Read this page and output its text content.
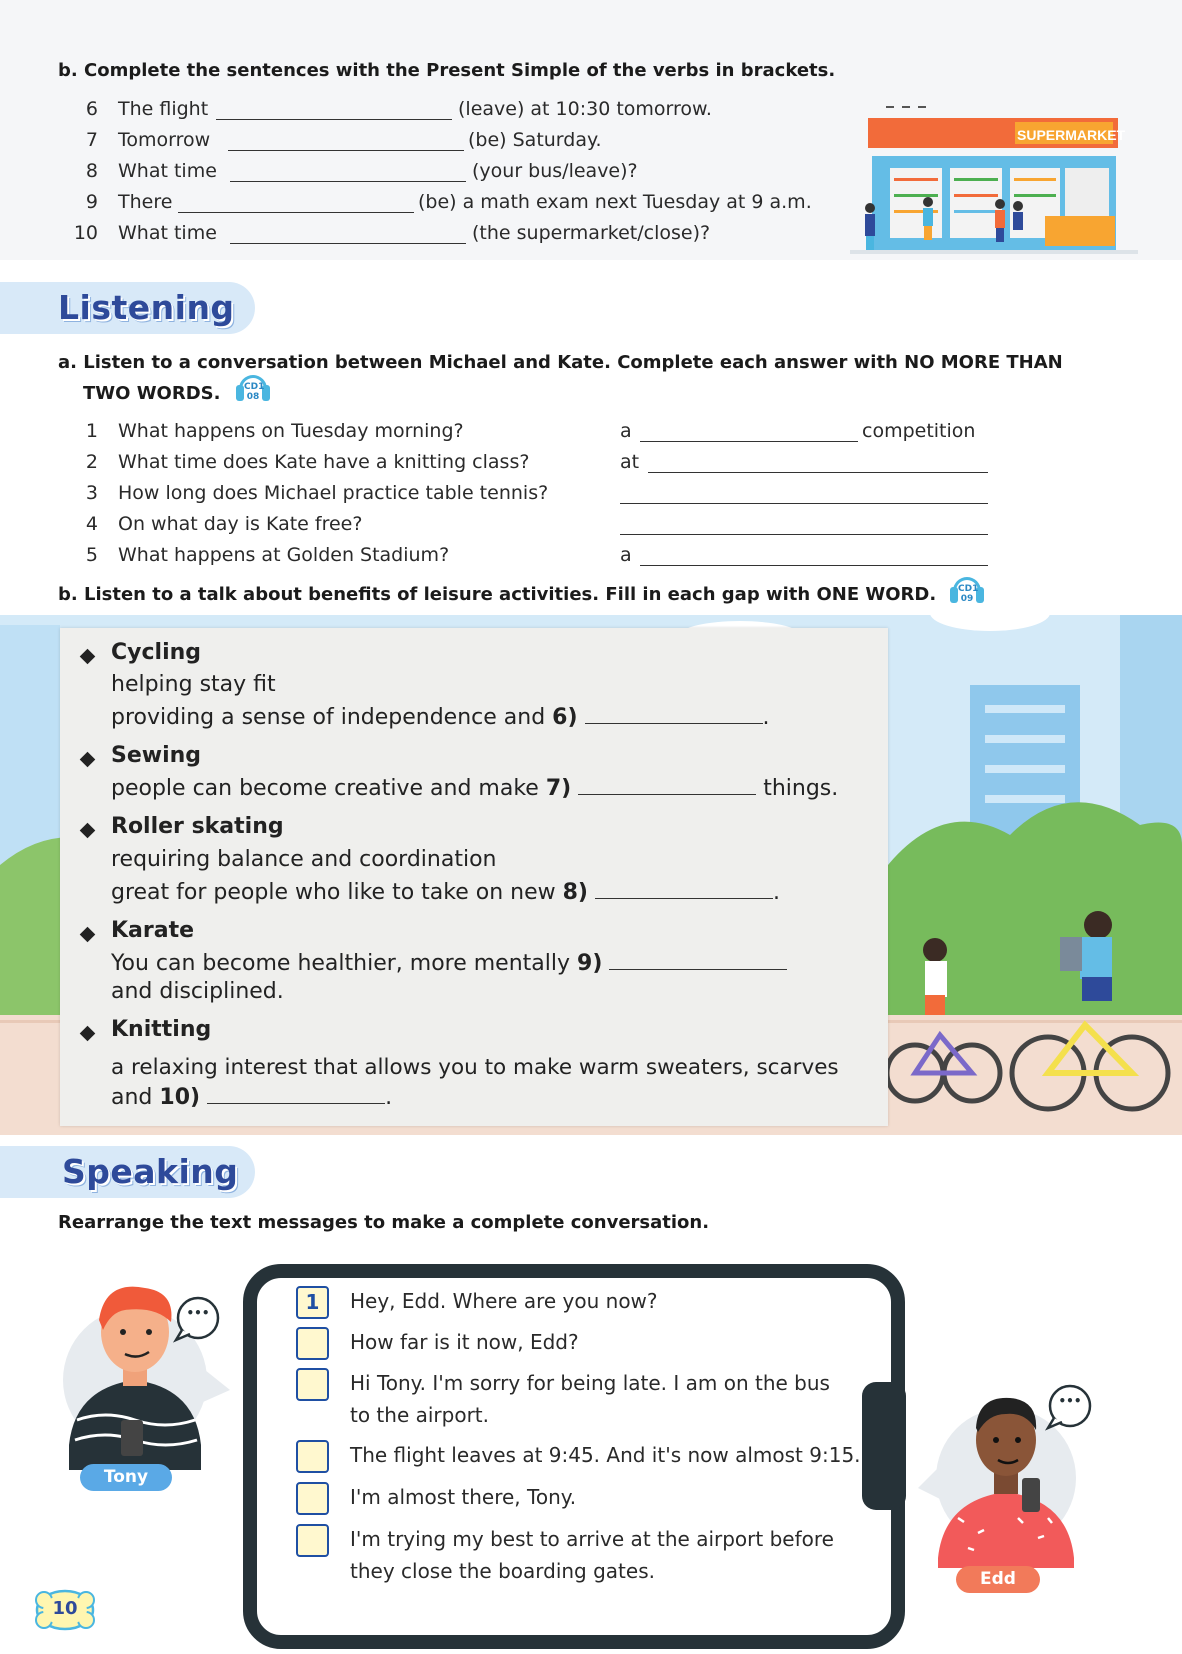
b. Complete the sentences with the Present Simple of the verbs in brackets.
6 The flight	(leave) at 10:30 tomorrow.
7 Tomorrow	(be) Saturday.
8 What time	(your bus/leave)?
9 There	(be) a math exam next Tuesday at 9 a.m.
10 What time	(the supermarket/close)?
SUPERMARKET
Listening
a. Listen to a conversation between Michael and Kate. Complete each answer with NO MORE THAN
TWO WORDS.	CD1
08
1 What happens on Tuesday morning?	a	competition
2 What time does Kate have a knitting class?	at
3 How long does Michael practice table tennis?
4 On what day is Kate free?
5 What happens at Golden Stadium?	a
b. Listen to a talk about benefits of leisure activities. Fill in each gap with ONE WORD. CD1
09
Cycling
helping stay fit
providing a sense of independence and 6)	.
Sewing
people can become creative and make 7)	things.
Roller skating
requiring balance and coordination
great for people who like to take on new 8)	.
Karate
You can become healthier, more mentally 9)
and disciplined.
Knitting
a relaxing interest that allows you to make warm sweaters, scarves
and 10)	.
Speaking
Rearrange the text messages to make a complete conversation.
1	Hey, Edd. Where are you now?
How far is it now, Edd?
Hi Tony. I'm sorry for being late. I am on the bus
to the airport.
The flight leaves at 9:45. And it's now almost 9:15.
I'm almost there, Tony.
I'm trying my best to arrive at the airport before
they close the boarding gates.
•••
Tony
•••
Edd
10
